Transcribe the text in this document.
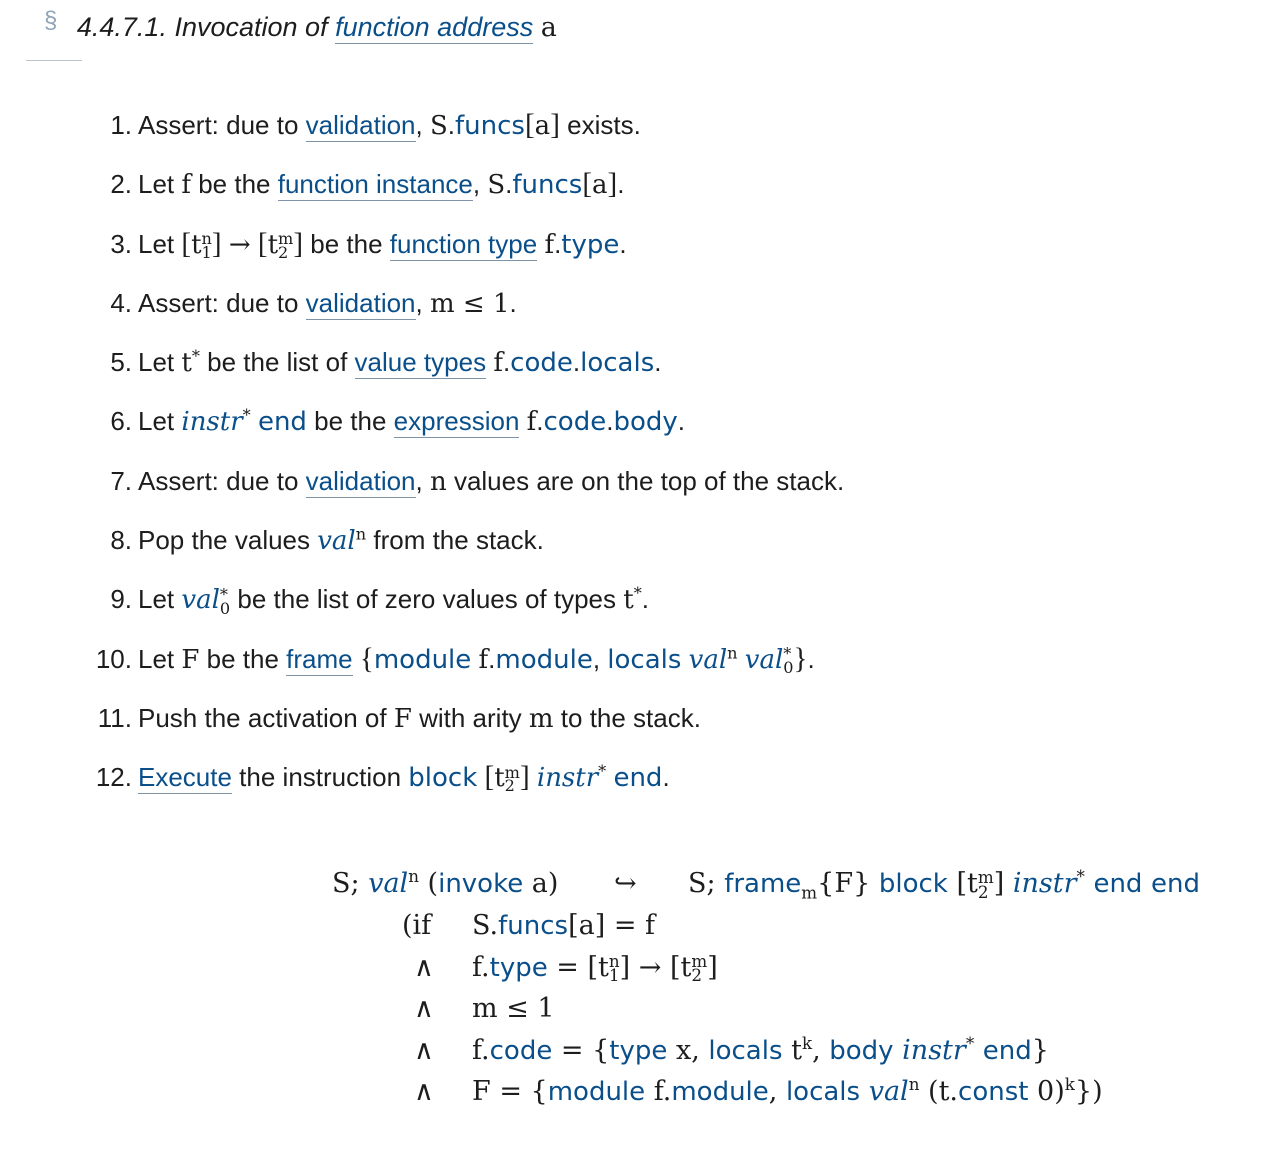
§ 4.4.7.1. Invocation of function address a
1. Assert: due to validation, S.funcs[a] exists.
2. Let f be the function instance, S.funcs[a].
3. Let [t n
1 ] → [t m
2 ] be the function type f.type.
4. Assert: due to validation, m ≤ 1.
5. Let t* be the list of value types f.code.locals.
6. Let instr* end be the expression f.code.body.
7. Assert: due to validation, n values are on the top of the stack.
8. Pop the values val$^n$ from the stack.
9. Let val *
0 be the list of zero values of types t*.
10. Let F be the frame {module f.module, locals val$^n$ val *
0 }.
11. Push the activation of F with arity m to the stack.
12. Execute the instruction block [t m
2 ] instr* end.
S; val$^n$ (invoke a) ↪ S; frame$_m${F} block [t m
2 ] instr* end end
(if S.funcs[a] = f
∧ f.type = [t n
1 ] → [t m
2 ]
∧ m ≤ 1
∧ f.code = {type x, locals $t^k$, body instr* end}
∧ F = {module f.module, locals val$^n$ (t.const 0)$^k$})
